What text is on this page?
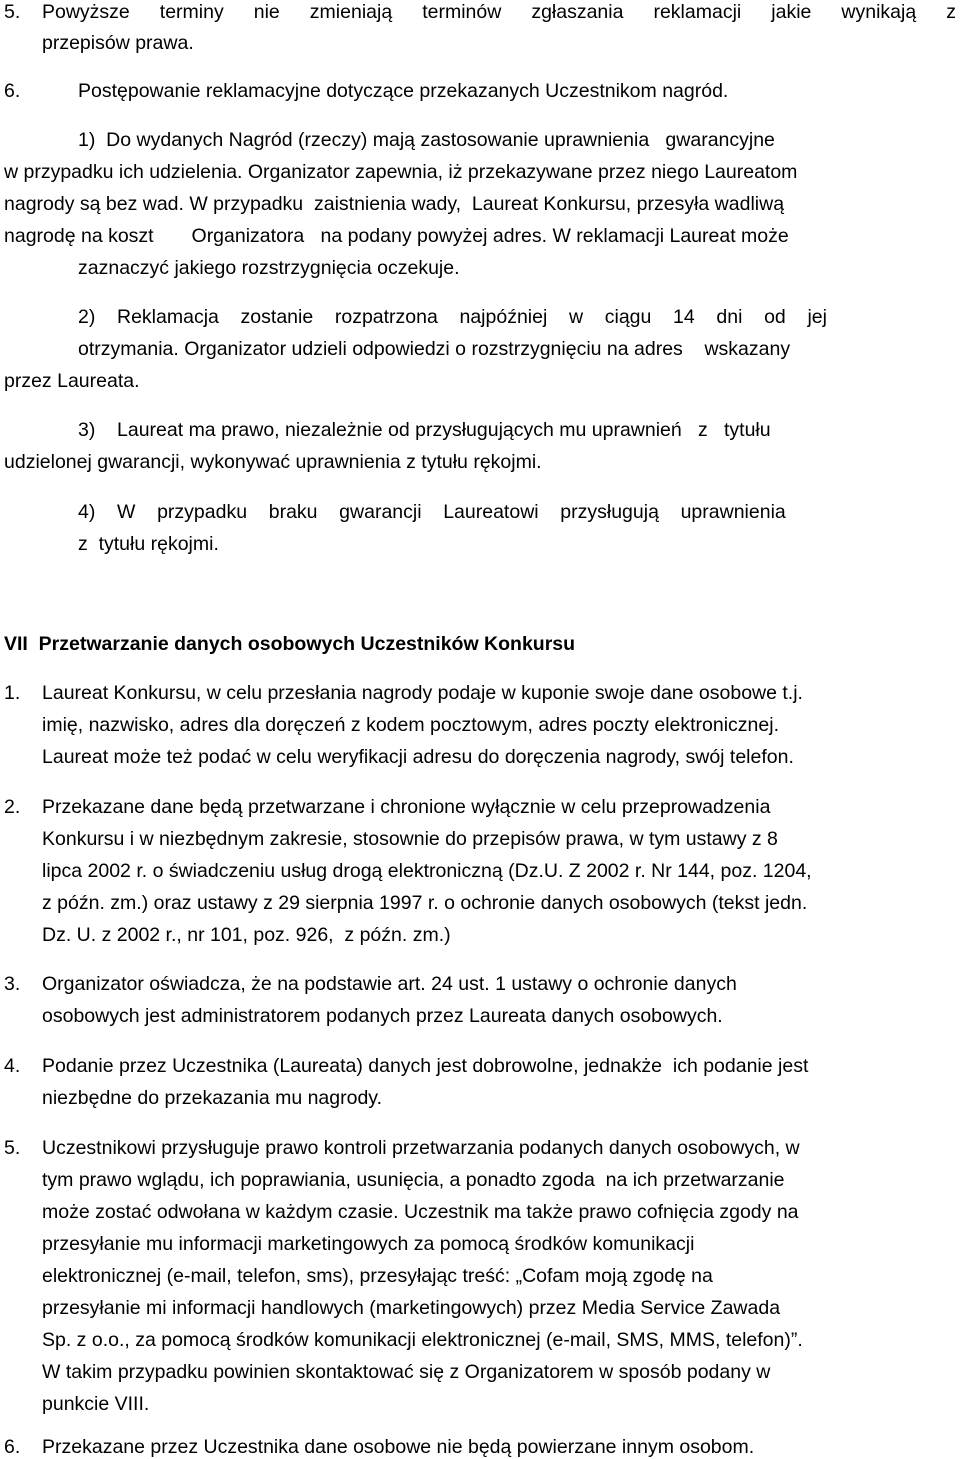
5. Powyższe terminy nie zmieniają terminów zgłaszania reklamacji jakie wynikają z
przepisów prawa.
6.	Postępowanie reklamacyjne dotyczące przekazanych Uczestnikom nagród.
1)  Do wydanych Nagród (rzeczy) mają zastosowanie uprawnienia   gwarancyjne
w przypadku ich udzielenia. Organizator zapewnia, iż przekazywane przez niego Laureatom
nagrody są bez wad. W przypadku  zaistnienia wady,  Laureat Konkursu, przesyła wadliwą
nagrodę na koszt       Organizatora   na podany powyżej adres. W reklamacji Laureat może
zaznaczyć jakiego rozstrzygnięcia oczekuje.
2)    Reklamacja    zostanie    rozpatrzona    najpóźniej    w    ciągu    14    dni    od    jej
otrzymania. Organizator udzieli odpowiedzi o rozstrzygnięciu na adres    wskazany
przez Laureata.
3)    Laureat ma prawo, niezależnie od przysługujących mu uprawnień   z   tytułu
udzielonej gwarancji, wykonywać uprawnienia z tytułu rękojmi.
4)    W    przypadku    braku    gwarancji    Laureatowi    przysługują    uprawnienia
z  tytułu rękojmi.
VII  Przetwarzanie danych osobowych Uczestników Konkursu
1. Laureat Konkursu, w celu przesłania nagrody podaje w kuponie swoje dane osobowe t.j.
imię, nazwisko, adres dla doręczeń z kodem pocztowym, adres poczty elektronicznej.
Laureat może też podać w celu weryfikacji adresu do doręczenia nagrody, swój telefon.
2. Przekazane dane będą przetwarzane i chronione wyłącznie w celu przeprowadzenia
Konkursu i w niezbędnym zakresie, stosownie do przepisów prawa, w tym ustawy z 8
lipca 2002 r. o świadczeniu usług drogą elektroniczną (Dz.U. Z 2002 r. Nr 144, poz. 1204,
z późn. zm.) oraz ustawy z 29 sierpnia 1997 r. o ochronie danych osobowych (tekst jedn.
Dz. U. z 2002 r., nr 101, poz. 926,  z późn. zm.)
3. Organizator oświadcza, że na podstawie art. 24 ust. 1 ustawy o ochronie danych
osobowych jest administratorem podanych przez Laureata danych osobowych.
4. Podanie przez Uczestnika (Laureata) danych jest dobrowolne, jednakże  ich podanie jest
niezbędne do przekazania mu nagrody.
5. Uczestnikowi przysługuje prawo kontroli przetwarzania podanych danych osobowych, w
tym prawo wglądu, ich poprawiania, usunięcia, a ponadto zgoda  na ich przetwarzanie
może zostać odwołana w każdym czasie. Uczestnik ma także prawo cofnięcia zgody na
przesyłanie mu informacji marketingowych za pomocą środków komunikacji
elektronicznej (e-mail, telefon, sms), przesyłając treść: „Cofam moją zgodę na
przesyłanie mi informacji handlowych (marketingowych) przez Media Service Zawada
Sp. z o.o., za pomocą środków komunikacji elektronicznej (e-mail, SMS, MMS, telefon)”.
W takim przypadku powinien skontaktować się z Organizatorem w sposób podany w
punkcie VIII.
6. Przekazane przez Uczestnika dane osobowe nie będą powierzane innym osobom.
